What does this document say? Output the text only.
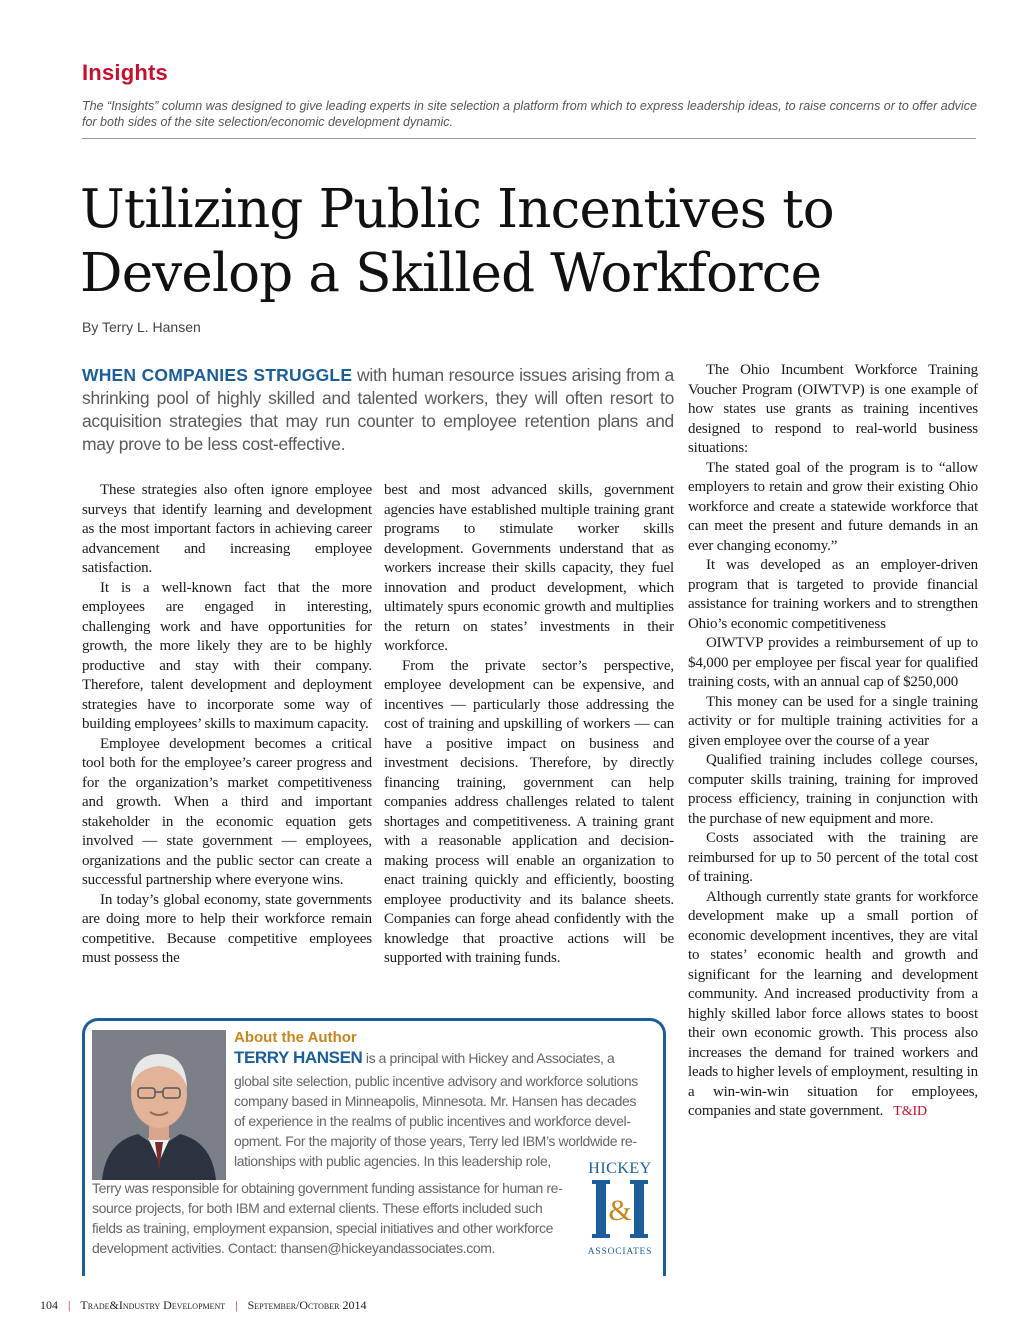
Insights
The “Insights” column was designed to give leading experts in site selection a platform from which to express leadership ideas, to raise concerns or to offer advice for both sides of the site selection/economic development dynamic.
Utilizing Public Incentives to
Develop a Skilled Workforce
By Terry L. Hansen
WHEN COMPANIES STRUGGLE with human resource issues arising from a shrinking pool of highly skilled and talented workers, they will often resort to acquisition strategies that may run counter to employee retention plans and may prove to be less cost-effective.

These strategies also often ignore employee surveys that identify learning and development as the most important factors in achieving career advancement and increasing employee satisfaction.

It is a well-known fact that the more employees are engaged in interesting, challenging work and have opportunities for growth, the more likely they are to be highly productive and stay with their company. Therefore, talent development and deployment strategies have to incorporate some way of building employees’ skills to maximum capacity.

Employee development becomes a critical tool both for the employee’s career progress and for the organization’s market competitiveness and growth. When a third and important stakeholder in the economic equation gets involved — state government — employees, organizations and the public sector can create a successful partnership where everyone wins.

In today’s global economy, state governments are doing more to help their workforce remain competitive. Because competitive employees must possess the

best and most advanced skills, government agencies have established multiple training grant programs to stimulate worker skills development. Governments understand that as workers increase their skills capacity, they fuel innovation and product development, which ultimately spurs economic growth and multiplies the return on states’ investments in their workforce.

From the private sector’s perspective, employee development can be expensive, and incentives — particularly those addressing the cost of training and upskilling of workers — can have a positive impact on business and investment decisions. Therefore, by directly financing training, government can help companies address challenges related to talent shortages and competitiveness. A training grant with a reasonable application and decision-making process will enable an organization to enact training quickly and efficiently, boosting employee productivity and its balance sheets. Companies can forge ahead confidently with the knowledge that proactive actions will be supported with training funds.

The Ohio Incumbent Workforce Training Voucher Program (OIWTVP) is one example of how states use grants as training incentives designed to respond to real-world business situations:

The stated goal of the program is to “allow employers to retain and grow their existing Ohio workforce and create a statewide workforce that can meet the present and future demands in an ever changing economy.”

It was developed as an employer-driven program that is targeted to provide financial assistance for training workers and to strengthen Ohio’s economic competitiveness

OIWTVP provides a reimbursement of up to $4,000 per employee per fiscal year for qualified training costs, with an annual cap of $250,000

This money can be used for a single training activity or for multiple training activities for a given employee over the course of a year

Qualified training includes college courses, computer skills training, training for improved process efficiency, training in conjunction with the purchase of new equipment and more.

Costs associated with the training are reimbursed for up to 50 percent of the total cost of training.

Although currently state grants for workforce development make up a small portion of economic development incentives, they are vital to states’ economic health and growth and significant for the learning and development community. And increased productivity from a highly skilled labor force allows states to boost their own economic growth. This process also increases the demand for trained workers and leads to higher levels of employment, resulting in a win-win-win situation for employees, companies and state government. T&ID

About the Author
HICKEY
&
ASSOCIATES
TERRY HANSEN is a principal with Hickey and Associates, a
global site selection, public incentive advisory and workforce solutions
company based in Minneapolis, Minnesota. Mr. Hansen has decades
of experience in the realms of public incentives and workforce devel-
opment. For the majority of those years, Terry led IBM’s worldwide re-
lationships with public agencies. In this leadership role,
Terry was responsible for obtaining government funding assistance for human re-
source projects, for both IBM and external clients. These efforts included such
fields as training, employment expansion, special initiatives and other workforce
development activities. Contact: thansen@hickeyandassociates.com.
104 | Trade&Industry Development | September/October 2014
